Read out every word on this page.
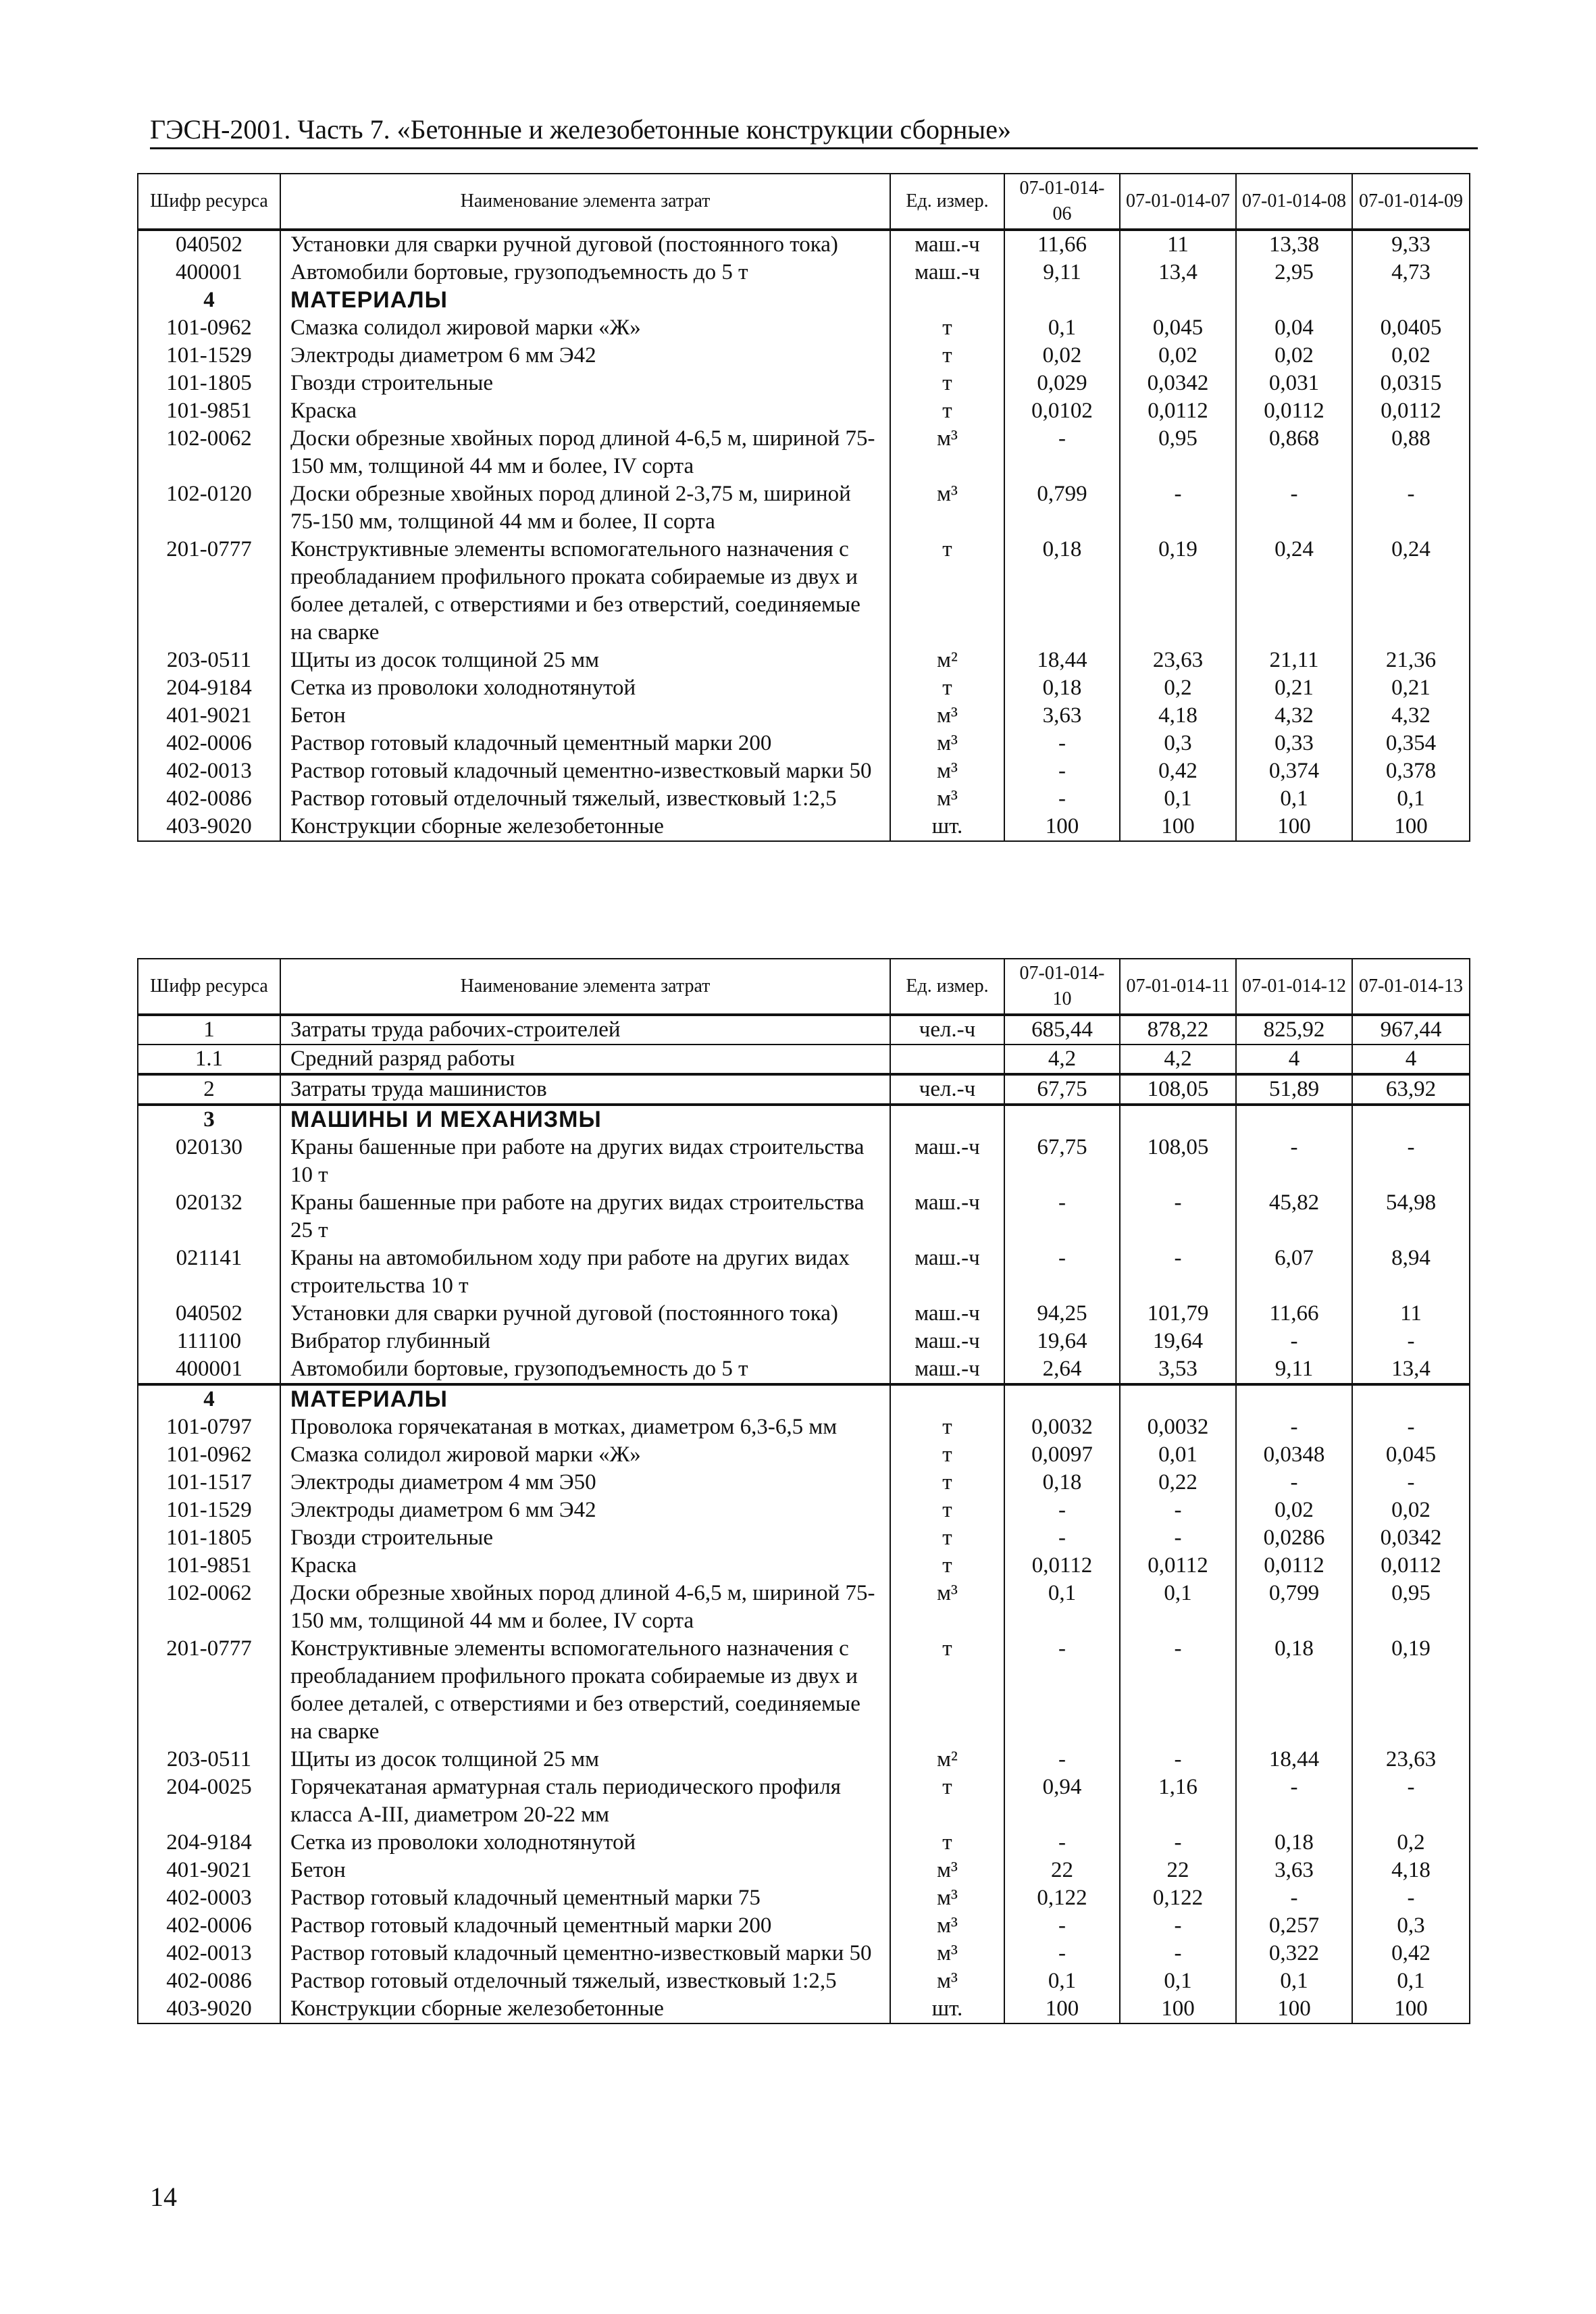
ГЭСН-2001. Часть 7. «Бетонные и железобетонные конструкции сборные»
Шифр ресурса	Наименование элемента затрат	Ед. измер.	07-01-014-06	07-01-014-07	07-01-014-08	07-01-014-09
040502	Установки для сварки ручной дуговой (постоянного тока)	маш.-ч	11,66	11	13,38	9,33
400001	Автомобили бортовые, грузоподъемность до 5 т	маш.-ч	9,11	13,4	2,95	4,73
4	МАТЕРИАЛЫ					
101-0962	Смазка солидол жировой марки «Ж»	т	0,1	0,045	0,04	0,0405
101-1529	Электроды диаметром 6 мм Э42	т	0,02	0,02	0,02	0,02
101-1805	Гвозди строительные	т	0,029	0,0342	0,031	0,0315
101-9851	Краска	т	0,0102	0,0112	0,0112	0,0112
102-0062	Доски обрезные хвойных пород длиной 4-6,5 м, шириной 75-150 мм, толщиной 44 мм и более, IV сорта	м³	-	0,95	0,868	0,88
102-0120	Доски обрезные хвойных пород длиной 2-3,75 м, шириной 75-150 мм, толщиной 44 мм и более, II сорта	м³	0,799	-	-	-
201-0777	Конструктивные элементы вспомогательного назначения с преобладанием профильного проката собираемые из двух и более деталей, с отверстиями и без отверстий, соединяемые на сварке	т	0,18	0,19	0,24	0,24
203-0511	Щиты из досок толщиной 25 мм	м²	18,44	23,63	21,11	21,36
204-9184	Сетка из проволоки холоднотянутой	т	0,18	0,2	0,21	0,21
401-9021	Бетон	м³	3,63	4,18	4,32	4,32
402-0006	Раствор готовый кладочный цементный марки 200	м³	-	0,3	0,33	0,354
402-0013	Раствор готовый кладочный цементно-известковый марки 50	м³	-	0,42	0,374	0,378
402-0086	Раствор готовый отделочный тяжелый, известковый 1:2,5	м³	-	0,1	0,1	0,1
403-9020	Конструкции сборные железобетонные	шт.	100	100	100	100
Шифр ресурса	Наименование элемента затрат	Ед. измер.	07-01-014-10	07-01-014-11	07-01-014-12	07-01-014-13
1	Затраты труда рабочих-строителей	чел.-ч	685,44	878,22	825,92	967,44
1.1	Средний разряд работы		4,2	4,2	4	4
2	Затраты труда машинистов	чел.-ч	67,75	108,05	51,89	63,92
3	МАШИНЫ И МЕХАНИЗМЫ					
020130	Краны башенные при работе на других видах строительства 10 т	маш.-ч	67,75	108,05	-	-
020132	Краны башенные при работе на других видах строительства 25 т	маш.-ч	-	-	45,82	54,98
021141	Краны на автомобильном ходу при работе на других видах строительства 10 т	маш.-ч	-	-	6,07	8,94
040502	Установки для сварки ручной дуговой (постоянного тока)	маш.-ч	94,25	101,79	11,66	11
111100	Вибратор глубинный	маш.-ч	19,64	19,64	-	-
400001	Автомобили бортовые, грузоподъемность до 5 т	маш.-ч	2,64	3,53	9,11	13,4
4	МАТЕРИАЛЫ					
101-0797	Проволока горячекатаная в мотках, диаметром 6,3-6,5 мм	т	0,0032	0,0032	-	-
101-0962	Смазка солидол жировой марки «Ж»	т	0,0097	0,01	0,0348	0,045
101-1517	Электроды диаметром 4 мм Э50	т	0,18	0,22	-	-
101-1529	Электроды диаметром 6 мм Э42	т	-	-	0,02	0,02
101-1805	Гвозди строительные	т	-	-	0,0286	0,0342
101-9851	Краска	т	0,0112	0,0112	0,0112	0,0112
102-0062	Доски обрезные хвойных пород длиной 4-6,5 м, шириной 75-150 мм, толщиной 44 мм и более, IV сорта	м³	0,1	0,1	0,799	0,95
201-0777	Конструктивные элементы вспомогательного назначения с преобладанием профильного проката собираемые из двух и более деталей, с отверстиями и без отверстий, соединяемые на сварке	т	-	-	0,18	0,19
203-0511	Щиты из досок толщиной 25 мм	м²	-	-	18,44	23,63
204-0025	Горячекатаная арматурная сталь периодического профиля класса А-III, диаметром 20-22 мм	т	0,94	1,16	-	-
204-9184	Сетка из проволоки холоднотянутой	т	-	-	0,18	0,2
401-9021	Бетон	м³	22	22	3,63	4,18
402-0003	Раствор готовый кладочный цементный марки 75	м³	0,122	0,122	-	-
402-0006	Раствор готовый кладочный цементный марки 200	м³	-	-	0,257	0,3
402-0013	Раствор готовый кладочный цементно-известковый марки 50	м³	-	-	0,322	0,42
402-0086	Раствор готовый отделочный тяжелый, известковый 1:2,5	м³	0,1	0,1	0,1	0,1
403-9020	Конструкции сборные железобетонные	шт.	100	100	100	100
14
